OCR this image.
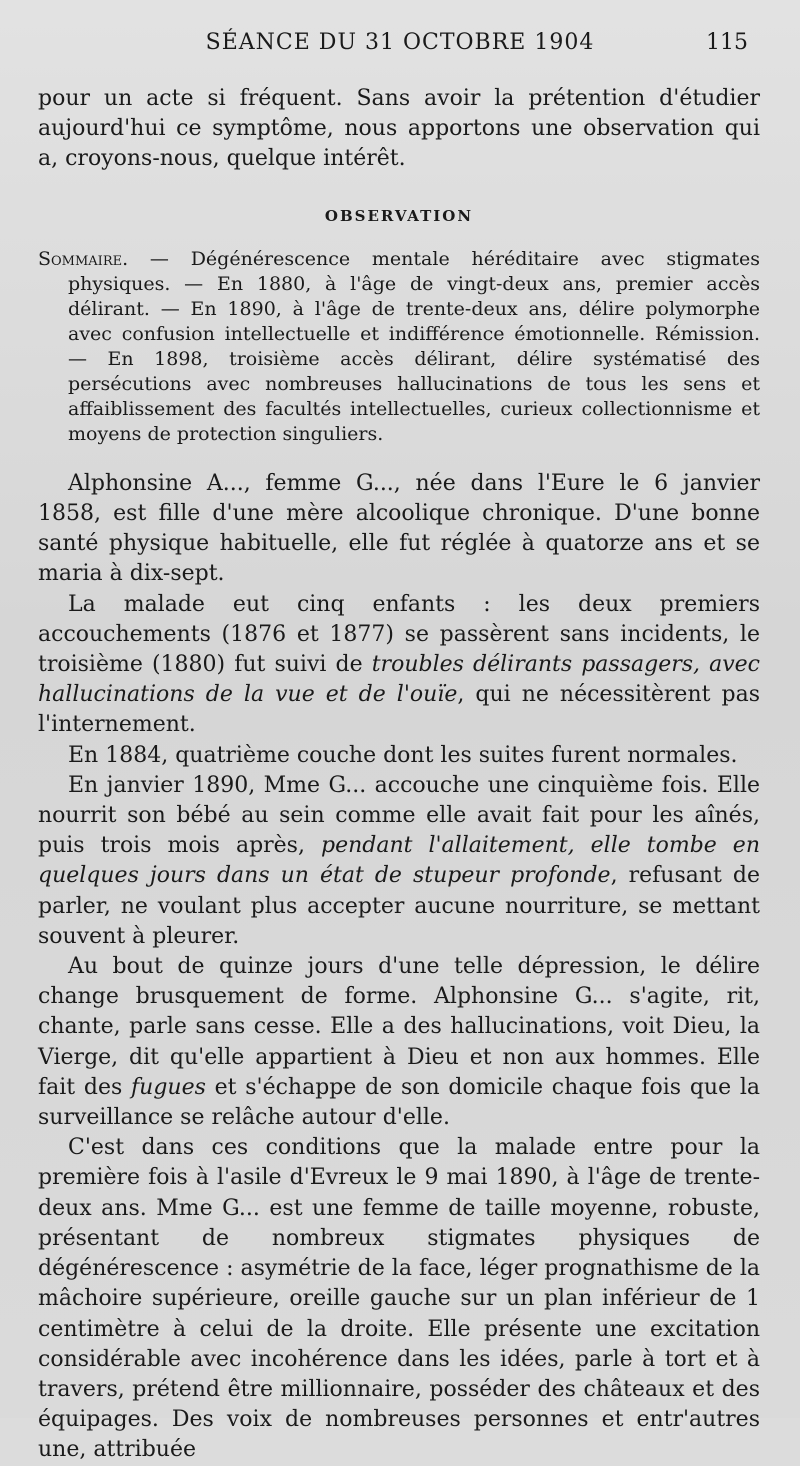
SÉANCE DU 31 OCTOBRE 1904	115

pour un acte si fréquent. Sans avoir la prétention d'étudier aujourd'hui ce symptôme, nous apportons une observation qui a, croyons-nous, quelque intérêt.

OBSERVATION

Sommaire. — Dégénérescence mentale héréditaire avec stigmates physiques. — En 1880, à l'âge de vingt-deux ans, premier accès délirant. — En 1890, à l'âge de trente-deux ans, délire polymorphe avec confusion intellectuelle et indifférence émotionnelle. Rémission. — En 1898, troisième accès délirant, délire systématisé des persécutions avec nombreuses hallucinations de tous les sens et affaiblissement des facultés intellectuelles, curieux collectionnisme et moyens de protection singuliers.

Alphonsine A..., femme G..., née dans l'Eure le 6 janvier 1858, est fille d'une mère alcoolique chronique. D'une bonne santé physique habituelle, elle fut réglée à quatorze ans et se maria à dix-sept.

La malade eut cinq enfants : les deux premiers accouchements (1876 et 1877) se passèrent sans incidents, le troisième (1880) fut suivi de troubles délirants passagers, avec hallucinations de la vue et de l'ouïe, qui ne nécessitèrent pas l'internement.

En 1884, quatrième couche dont les suites furent normales.

En janvier 1890, Mme G... accouche une cinquième fois. Elle nourrit son bébé au sein comme elle avait fait pour les aînés, puis trois mois après, pendant l'allaitement, elle tombe en quelques jours dans un état de stupeur profonde, refusant de parler, ne voulant plus accepter aucune nourriture, se mettant souvent à pleurer.

Au bout de quinze jours d'une telle dépression, le délire change brusquement de forme. Alphonsine G... s'agite, rit, chante, parle sans cesse. Elle a des hallucinations, voit Dieu, la Vierge, dit qu'elle appartient à Dieu et non aux hommes. Elle fait des fugues et s'échappe de son domicile chaque fois que la surveillance se relâche autour d'elle.

C'est dans ces conditions que la malade entre pour la première fois à l'asile d'Evreux le 9 mai 1890, à l'âge de trente-deux ans. Mme G... est une femme de taille moyenne, robuste, présentant de nombreux stigmates physiques de dégénérescence : asymétrie de la face, léger prognathisme de la mâchoire supérieure, oreille gauche sur un plan inférieur de 1 centimètre à celui de la droite. Elle présente une excitation considérable avec incohérence dans les idées, parle à tort et à travers, prétend être millionnaire, posséder des châteaux et des équipages. Des voix de nombreuses personnes et entr'autres une, attribuée
